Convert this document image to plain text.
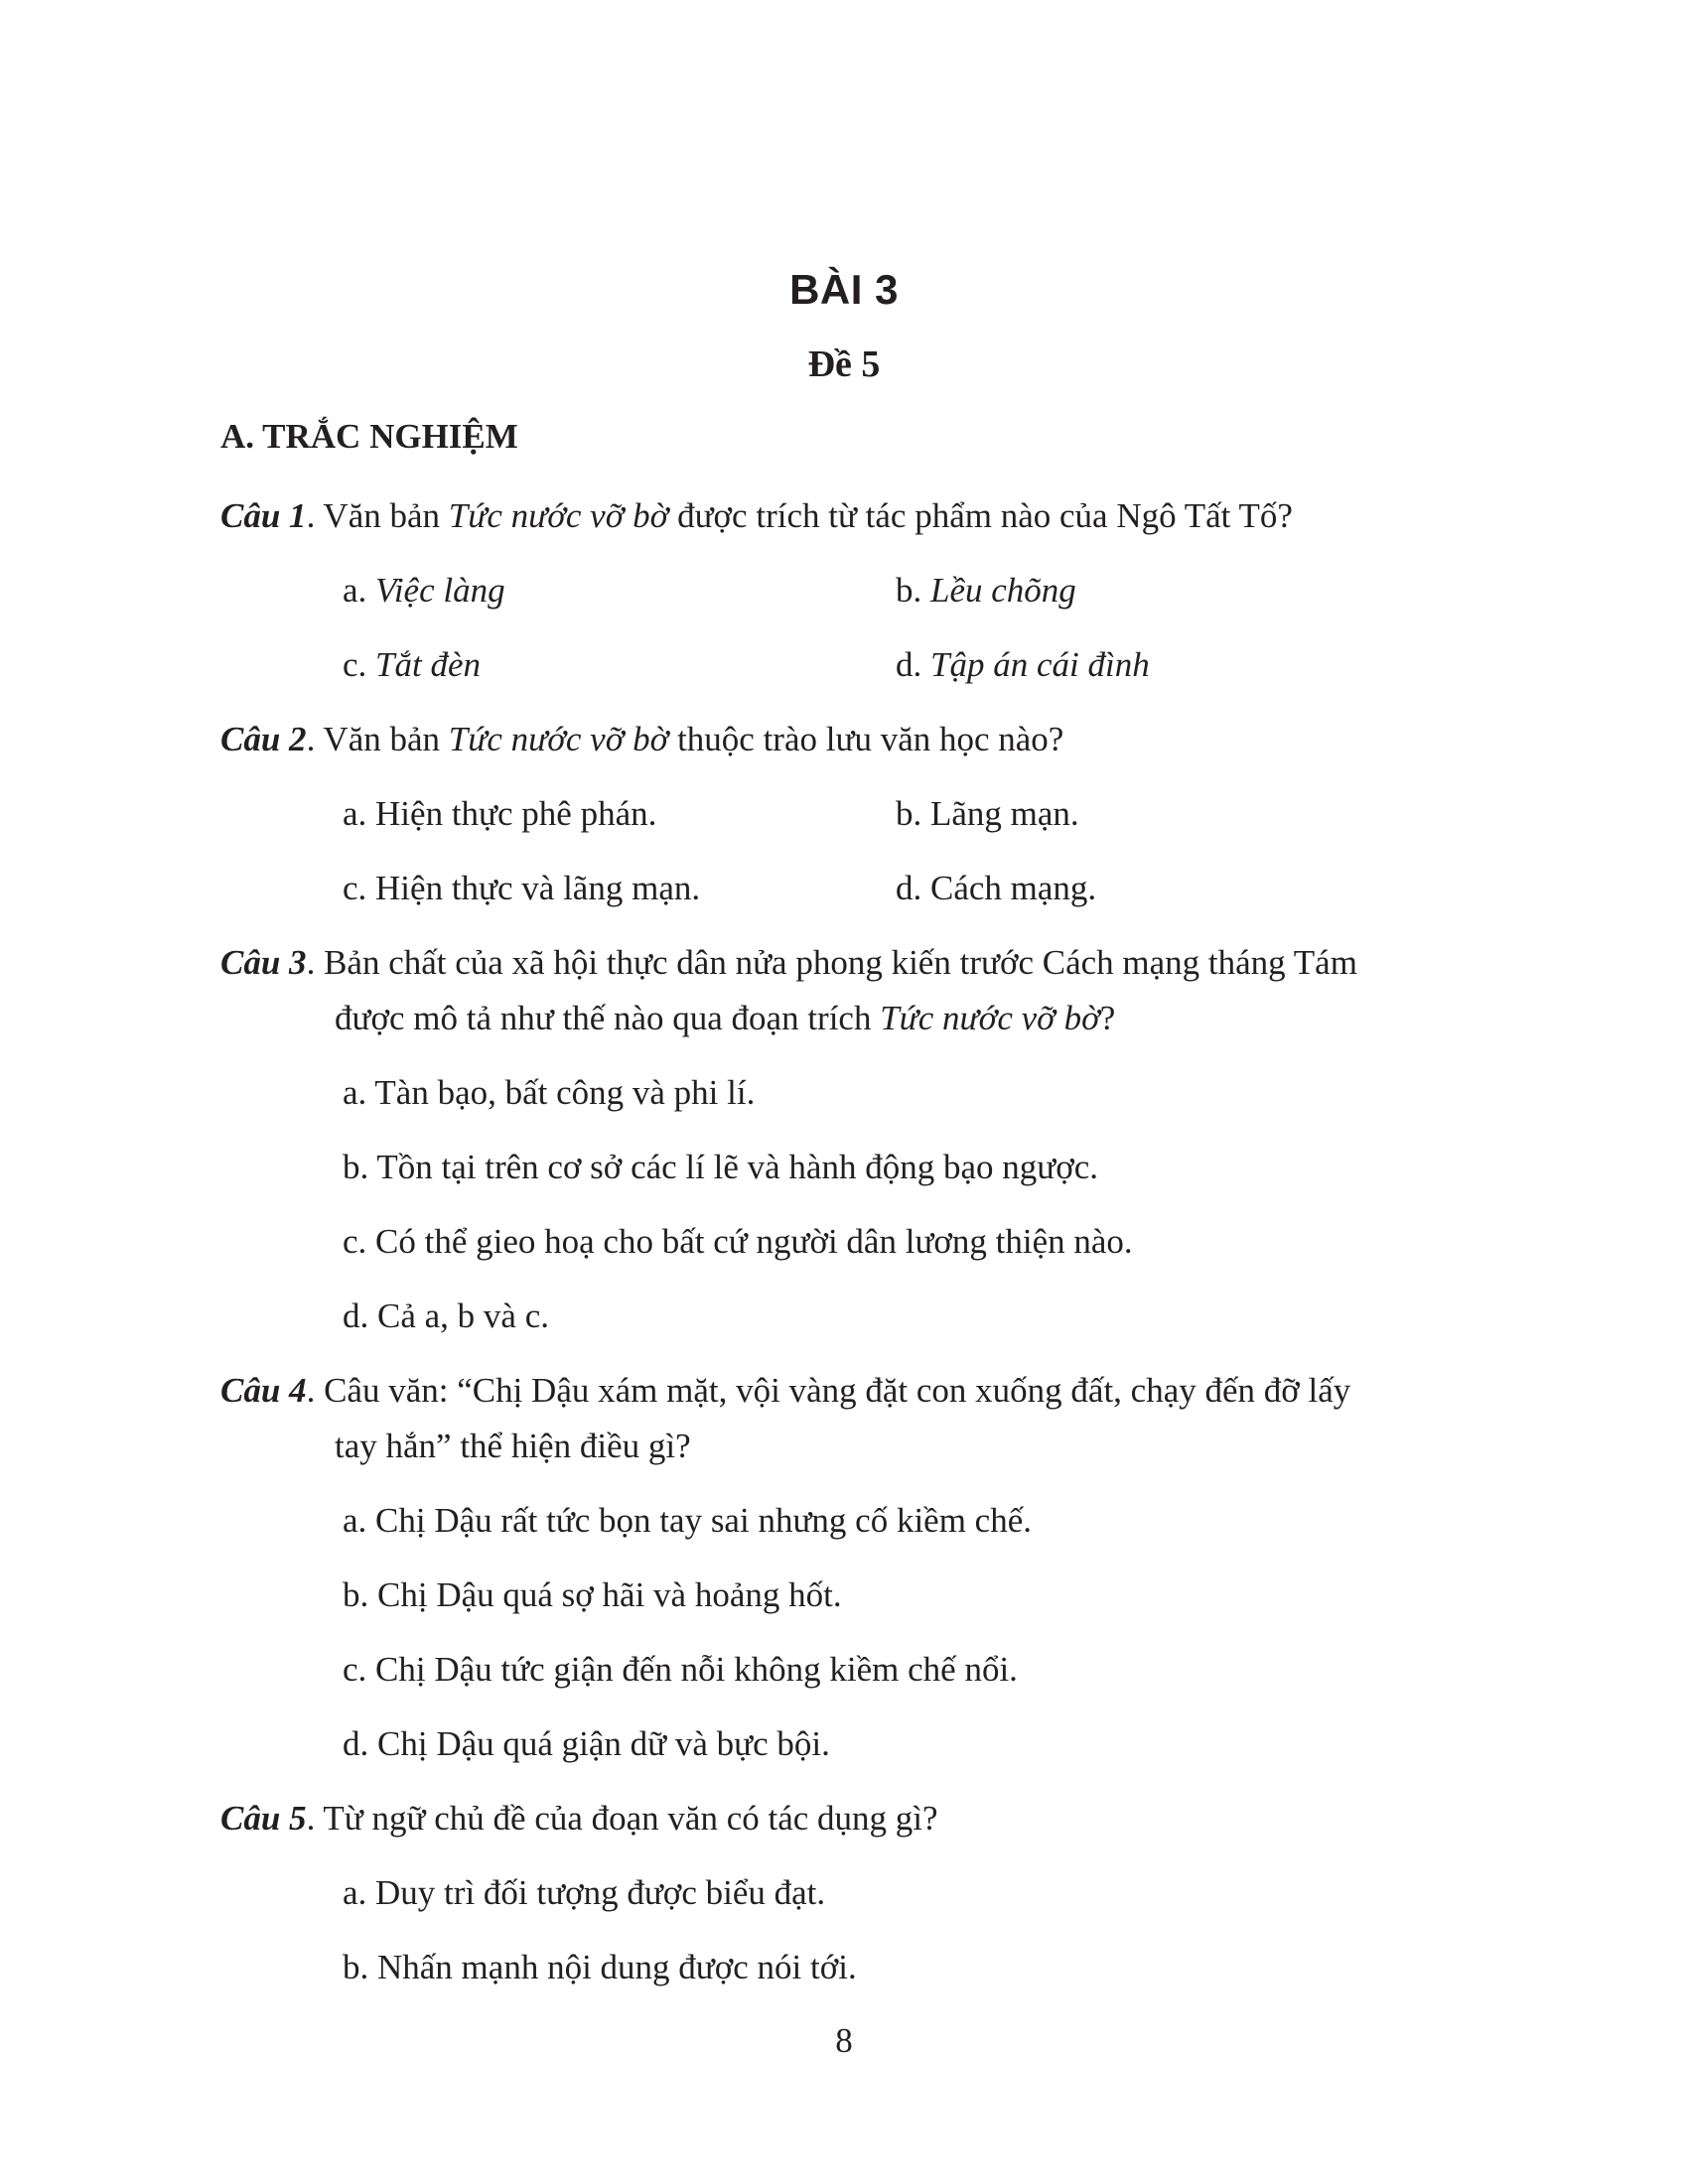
BÀI 3
Đề 5
A. TRẮC NGHIỆM
Câu 1. Văn bản Tức nước vỡ bờ được trích từ tác phẩm nào của Ngô Tất Tố?
a. Việc làng	b. Lều chõng
c. Tắt đèn	d. Tập án cái đình
Câu 2. Văn bản Tức nước vỡ bờ thuộc trào lưu văn học nào?
a. Hiện thực phê phán.	b. Lãng mạn.
c. Hiện thực và lãng mạn.	d. Cách mạng.
Câu 3. Bản chất của xã hội thực dân nửa phong kiến trước Cách mạng tháng Tám
được mô tả như thế nào qua đoạn trích Tức nước vỡ bờ?
a. Tàn bạo, bất công và phi lí.
b. Tồn tại trên cơ sở các lí lẽ và hành động bạo ngược.
c. Có thể gieo hoạ cho bất cứ người dân lương thiện nào.
d. Cả a, b và c.
Câu 4. Câu văn: “Chị Dậu xám mặt, vội vàng đặt con xuống đất, chạy đến đỡ lấy
tay hắn” thể hiện điều gì?
a. Chị Dậu rất tức bọn tay sai nhưng cố kiềm chế.
b. Chị Dậu quá sợ hãi và hoảng hốt.
c. Chị Dậu tức giận đến nỗi không kiềm chế nổi.
d. Chị Dậu quá giận dữ và bực bội.
Câu 5. Từ ngữ chủ đề của đoạn văn có tác dụng gì?
a. Duy trì đối tượng được biểu đạt.
b. Nhấn mạnh nội dung được nói tới.
8
